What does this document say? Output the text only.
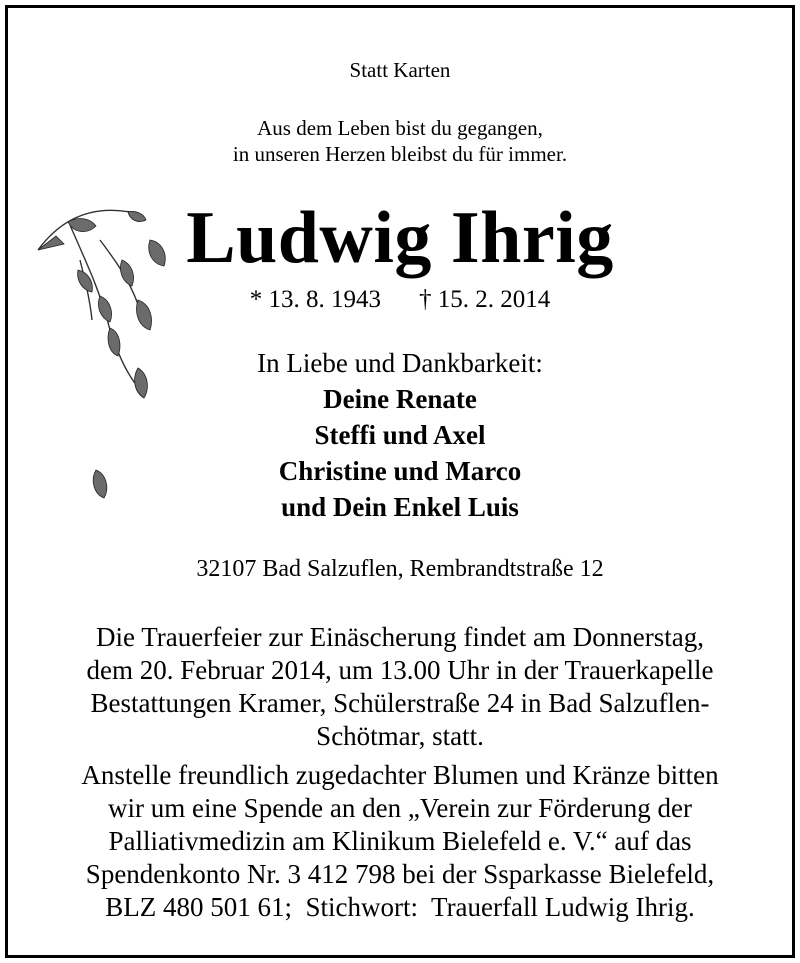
Statt Karten
Aus dem Leben bist du gegangen,
in unseren Herzen bleibst du für immer.
Ludwig Ihrig
* 13. 8. 1943 † 15. 2. 2014
In Liebe und Dankbarkeit:
Deine Renate
Steffi und Axel
Christine und Marco
und Dein Enkel Luis
32107 Bad Salzuflen, Rembrandtstraße 12
Die Trauerfeier zur Einäscherung findet am Donnerstag,
dem 20. Februar 2014, um 13.00 Uhr in der Trauerkapelle
Bestattungen Kramer, Schülerstraße 24 in Bad Salzuflen-
Schötmar, statt.
Anstelle freundlich zugedachter Blumen und Kränze bitten
wir um eine Spende an den „Verein zur Förderung der
Palliativmedizin am Klinikum Bielefeld e. V.“ auf das
Spendenkonto Nr. 3 412 798 bei der Ssparkasse Bielefeld,
BLZ 480 501 61;  Stichwort:  Trauerfall Ludwig Ihrig.
